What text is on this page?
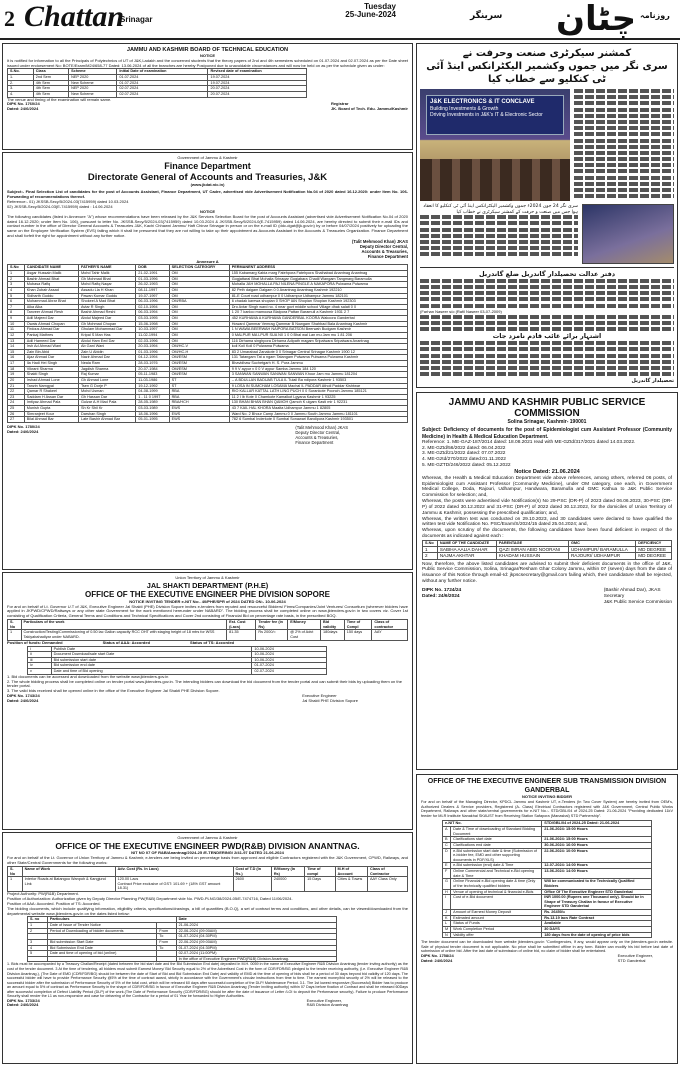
2 Chattan
Srinagar
Tuesday
25-June-2024	سرینگر چٹان روزنامہ
JAMMU AND KASHMIR BOARD OF TECHNICAL EDUCATION
NOTICE
It is notified for information to all the Principals of Polytechnics of UT of J&K,Ladakh and the concerned students that the theory papers of 2nd and 4th semesters scheduled on 01.07.2024 and 02.07.2024 as per the Date sheet issued under endorsement No: BOTE/Exam/M24/658-77 Dated: 13.06.2024 of all the branches are hereby Postponed due to unavoidable circumstances and will now be held on as per the schedule given as under:
S.No.	Class	Scheme	Initial Date of examination	Revised date of examination
1.	2nd Sem	NEP 2020	01.07.2024	19.07.2024
2.	4th Sem	New Scheme	01.07.2024	19.07.2024
3.	4th Sem	NEP 2020	02.07.2024	20.07.2024
4.	4th Sem	New Scheme	02.07.2024	20.07.2024
The venue and timing of the examination will remain same.
DIPK No. 1760/24
Dated: 24/6/2024
Registrar
JK. Board of Tech. Edu. Jammu/Kashmir
Government of Jammu & Kashmir
Finance Department
Directorate General of Accounts and Treasuries, J&K
(www.jkdat.nic.in)
Subject:- Final Selection List of candidates for the post of Accounts Assistant, Finance Department, UT Cadre, advertised vide Advertisement Notification No.04 of 2020 dated 16.12.2020: under Item No. 106-Forwarding of recommendations thereof.
Reference:- 01) JKSSB-Secy/5/2024-03(7415959) dated 10.03.2024
02) JKSSB-Secy/5/2024-03(E-7415959) dated : 14.06.2024
NOTICE
The following candidates (listed in Annexure "A") whose recommendations have been released by the J&K Services Selection Board for the post of Accounts Assistant (advertised vide Advertisement Notification No.04 of 2020 dated 16.12.2020; under Item No. 106), pursuant to letter No. JKSSB-Secy/5/2024-03(7415959) dated 10.03.2024 & JKSSB-Secy/5/2024-0(E-7415959) dated 14.06.2024, are hereby directed to submit their e-mail IDs and contact number in the office of Director General Accounts & Treasuries J&K, Kachi Chhawni Jammu/ Haft Chinar Srinagar in person or on the e-mail ID (ddc-dgat@jk.gov.in) by or before 04/07/2024 positively for uploading the same on the Employee Verification System (EVS) failing which it shall be presumed that they are not willing to take up their appointment as Accounts Assistant in the Accounts & Treasuries Organization. Finance Department and shall forfeit the right for appointment without any further notice.
(Talit Mehmood Khan) JKAS
Deputy Director Central,
Accounts & Treasuries,
Finance Department
Annexure A
S.No	CANDIDATE NAME	FATHER'S NAME	DOB	SELECTION CATEGORY	PERMANENT ADDRESS
1	Asgar Hussain Malik	Mohd Tahir Malik	21-02-1991	OM	155 Kabamarg Kabia marg Fatehpora Fatehpora Shaihabad Anantnag Anantnag
2	Bashir Ahmad Bhat	Gh Mohmad Bhat	01-03-1996	OM	Gogjattaral Bhat Mohalla Srinagar Gogjabara Chadil Wangam Tangmarg Baramulla
3	Mubasa Rafiq	Mohd Rafiq Naqar	26-02-1993	OM	Mohalla JAH MOHALLA PAJ NILENA PINGLE A NAKAPORA Pulwama Pulwama
4	Khan Zubair Assad	Assadu Lla H Khan	08-11-1997	OM	82 Peth daigam Dalgam 0 0 Anantnag Anantnag Kashmir 192210
5	Sidharth Guddu	Pawan Kumar Guddu	19-07-1997	OM	81-E Court road udhampur 0 0 Udhampur Udhampur Jammu 182101
6	Mohammad Abrar Bhat	Shokeel A Mad Bhat	06-03-1996	OM/RBA	6 chadak karewa shopian 0 SHOP IAN Shopian Shopian Kashmir 192303
7	Alka Alka	Avtar R Singh	02-10-1994	OM	Dro Avtar Singh ward no. 4 near govt middle school Village dhak salati 0 0
8	Tanveer Ahmad Resh	Bashir Ahmad Reshi	06-03-1994	OM	1 20 7 kanloo mamoosa Bialpora Pattan Baramull a Kashmir 1931 2 7
9	Adil Majeed Dar	Abdul Majeed Dar	03-03-1995	OM	452 KURHAMA A KURHAMA GANDERBAL KOORA Wakoora Ganderbal
10	Owais Ahmad Chopan	Gh Mohmad Chopan	15-06-1998	OM	Howard Qammar Vemrag Qammar B Nowgam Shahbad Bala Anantnag Kashmir
11	Firdous Ahmad Dar	Ghulam Mohammad Dar	10-03-1997	OM	1 N WAWA BEERWAH NAIPORA BATSON Beerwah Budgam Kashmir
12	Pankaj Mathres	Kripal S Man Has	11-02-1994	OM	0 MALPUR MA LPUR SUA N0 1 0 0 Bhal wal Lan mu Jam mu 1 81 206
13	Adil Hameed Dar	Abdul Ham Eed Dar	02-03-1996	OM	116 Dirhama singhpora Dirhama Adipath magam Sripalwara Sripalwara Anantnag
14	Irsh Ad Ahmad Wani	Ab Gani Wani	20-03-1994	OM/HC-V	koil Koil Koil 0 Pulwama Pulwama
15	Zain Bin Abid	Zain U Abidin	01-03-1996	OM/HC-H	83 2 Umarabad Zanakote 0 0 Srinagar Central Srinagar Kashmir 1900 12
16	Ajaz Ahmad Dar	Nazir Ahmad Dar	04-12-1994	OM/ESM	131 Tatangam Tat a ngam Tatangam Pulwama Pulwama Pulwama Kashmir
17	Ila Hadi Hei Singh	Neala Ram	28-03-1976	OM/ESM	Bhavidhaw Suchetgarh H. S. Pura Jammu
18	Vikrant Sharma	Jagdish Sharma	20-07-1984	OM/ESM	9 9 V aypur v 0 0 V aypur Samba Jammu 184 120
19	Shakti Singh	Raj Kumar	05-11-1983	OM/ESM	3 SANWAN SANWAN SANWAN SANWAN Khour Jam mu Jammu 181204
20	Irshad Ahmad Lone	Gh Ahmad Lone	11-03-1986	ST	-- A BDULLAN BADUAB TULA IL Tulail Ba ndipora Kashmir 1 93503
21	Tanzin Namgyal	Tsen G Dorje P	19-12-1992	ST	9 LOSA IN SUMCHAM LOSAMA Machal IL PADDAR Atholi Paddar Kishtwar
22	Qamar R Shakeel	Mohd Usman	04-08-1999	RBA	RIO KALLAR KATTAL LATH LING PUCH 0 0 Surankote Poonch Jammu 185121
23	Saddam H Assan Dar	Gh Hassan Dar	1 - 11 0 1997	RBA	11 2 I lb Kote 0 Chamkote Kamalkot Lgyana Kashmir 1 93225
24	Imtiyaz Ahmad Pala	Gulzar A.H Mad Pala	28-05-1989	RBA/HCH	130 BHAN BHAN BHAN QAMOH Qamoh K ulgam Kasti mir 1 92231
25	Munish Gupta	Sh Kr Shil Kr	03-03-1989	EWS	43 7 KAIL HAL KHORA Maalta Udhampur Jammu 1 82805
26	Simranjeet Kour	Darshan Singh	18-06-1996	EWS	Ward No. 2 Bhour Camp Jammu 0 0 Jammu South Jammu Jammu 181101
27	Bilal Ahmad Bar	Late Bashir Ahmad Bar	05-01-1995	EWS	782 6 Sumbal Inderkote 0 Sumbal Sonawari Bandipora Kashmir 193501
DIPK No. 1780/24
Dated: 24/6/2024
(Talit Mehmood Khan) JKAS
Deputy Director Central,
Accounts & Treasuries,
Finance Department
Union Territory of Jammu & Kashmir
JAL SHAKTI DEPARTMENT (P.H.E)
OFFICE OF THE EXECUTIVE ENGINEER PHE DIVISION SOPORE
NOTICE INVITING TENDER e-NIT No:- 40/PHE/SPR of 2024 DATED ON:- 10-06-2024
For and on behalf of Lt. Governor U.T of J&K, Executive Engineer Jal Shakti (PHE) Division Sopore invites e-tenders from reputed and resourceful Bidders/ Firms/Companies/Joint Ventures/ Consortium (wherever bidders have applied in JKPWD/CPWD/Railways or any other state Government for the work mentioned hereunder under NABARD". The bidding process shall be completed online on www.jktenders.gov.in in two covers viz. Cover 1st consisting of Qualification Criteria, General Terms and Conditions and Technical Specifications and Cover 2nd consisting of Financial Bid on percentage rate basis, in the prescribed BOQ.
S. No	Particulars of the work	Est. Cost (Lacs)	Tender fee (in Rs)	E/Money	Bid validity	Time of Compl	Class of contractor
1	Construction/Testing/Commissioning of 0.50 lac Gallon capacity RCC OHT with staging height of 18 mtrs for WSS Takiyabahadiyar under NABARD.	81.35	Rs 2000/=	@ 2% of Advt Cost	180days	150 days	AAY
Position of funds: Demanded	Status of AAA: Accorded	Status of TS: Accorded
i	Publish Date	10-06-2024
ii	Document Download/sale start Date	10-06-2024
iii	Bid submission start date	10-06-2024
iv	Bid submission end date	01-07-2024
v	Date and time of Bid opening	02-07-2024
1. Bid documents can be accessed and downloaded from the website www.jktenders.gov.in
2. The whole bidding process shall be completed online on tender portal www.jktenders.gov.in. The intending bidders can download the bid document from the tender portal and can submit their bids by uploading them on the tender portal.
3. The valid bids received shall be opened online in the office of the Executive Engineer Jal Shakti PHE Division Sopore.
DIPK No. 1743/24
Dated: 24/6/2024
Executive Engineer
Jal Shakti PHE Division Sopore
Government of Jammu & Kashmir
OFFICE OF THE EXECUTIVE ENGINEER PWD(R&B) DIVISION ANANTNAG.
NIT NO 07 OF R&B/Anantnag/2024-25 /E-TENDERING/ 2/41-97 DATED 21-06-2024
For and on behalf of the Lt. Governor of Union Territory of Jammu & Kashmir, e-tenders are being invited on percentage basis from approved and eligible Contractors registered with the J&K Government, CPWD, Railways, and other State/Central Governments for the following works:
S. No	Name of Work	Adv. Cost (Rs. In Lacs)	Cost of T.D (In Rs.)	E/Money (In Rs)	Time of compl	M.H of Account	Class of Contractor
1	Interior Roads at Batangoo Wanpoh & Kangjund Link	120.00 Lacs
Contract Price exclusive of GST: 101.69 + (18% GST amount 18.31)	2600	240000	15 Days	Cities & Towns	AAY Class Only
Project Authority: PW(R&B) Department.
Position of Authorization: Authorization given by Deputy Director Planning PW(R&B) Department vide No. PWD-PLNG/38/2024-05/E-7474716, Dated 11/06/2024.
Position of AAA: Accorded. Position of TS: Accorded.
The bidding documents, which include qualifying information, eligibility criteria, specifications/drawings, a bill of quantities (B.O.Q), a set of contract terms and conditions, and other details, can be viewed/downloaded from the departmental website www.jktenders.gov.in on the dates listed below:
S. no	Particulars		Date
1	Date of Issue of Tender Notice		21-06-2024
2	Period of Downloading of bidder documents	From	22-06-2024 (09:00AM)
		To	01-07-2024 (04:30PM)
3	Bid submission Start Date	From	22-06-2024 (09:00AM)
4	Bid Submission End Date	To	01-07-2024 (04:30PM)
5	Date and time of opening of bid (online)		02-07-2024 (11:00PM)
			In the office of Executive Engineer PWD(R&B) Division Anantnag.
1. Bids must be accompanied by a Treasury Challan/Receipt (dated between the bid start date and the Bid Submission End date) deposited in M.H. 0059 in the name of Executive Engineer R&B Division Anantnag (tender invitng authority) as the cost of the tender document. 3 At the time of tendering, all bidders must submit Earnest Money/ Bid Security equal to 2% of the Advertised Cost in the form of CDR/FDR/BG pledged to the tender receiving authority, (i.e. Executive Engineer R&B Division Anantnag.), (The Date of EMD (CDR/FDR/BG) should be between the date of Start of Bid and Bid Submission End Date) and validity of EMD at the time of opening of bids shall be a period of 30 days beyond bid validity of 120 days. The successful bidder will have to provide Performance Security @5% at the time of contract award, strictly in accordance with the Government's circular instructions from time to time. The earnest money/bid security of 2% will be released to the successful bidder after the submission of Performance Security of 5% of the total cost, which will be released 60 days after successful completion of the DLP/ Maintenance Period. 3.1. The 1st lowest responsive (Successful) Bidder has to produce an amount equal to 5% of contract as Performance Security in the shape of CDR/FDR/BG in favour of Executive Engineer R&B Division Anantnag (Tender inviting authority) within 07 Days before fixation of Contract and shall be released 60Days after successful completion of Defect Liability Period (DLP) of the work.(The Date of Performance Security (CDR/FDR/BG) should be after the date of issuance of Letter /LOI to deposit the Performance security). Failure to produce Performance Security shall render the L1 as non-responsive and case for debarring of the Contractor for a period of 01 Year be forwarded to Higher Authorities.
DIPK No. 1733/24
Dated: 24/6/2024
Executive Engineer,
R&B Division Anantnag
کمشنر سیکرٹری صنعت وحرفت نے
سری نگر میں جموں وکشمیر الیکٹرانکس اینڈ آئی ٹی کنکلیو سے خطاب کیا
J&K ELECTRONICS & IT CONCLAVE
Building Investments & Growth
Driving Investments in J&K's IT & Electronic Sector
سری نگر 24 جون 2024ء جموں وکشمیر الیکٹرانکس اینڈ آئی ٹی کنکلیو کا انعقاد ہوا جس میں صنعت و حرفت کے کمشنر سیکرٹری نے خطاب کیا
دفتر عدالت تحصیلدار گاندربل ضلع گاندربل
(Farhan Naseer s/o (Rafil Naseer 03-07-2009)
اشتہار برائے غائب قادم نامزد جات
تحصیلدار گاندربل
JAMMU AND KASHMIR PUBLIC SERVICE COMMISSION
Solina Srinagar, Kashmir- 190001
Subject: Deficiency of documents for the post of Epidemiologist cum Assistant Professor (Community Medicine) in Health & Medical Education Department.
Reference: 1. ME-GAZ-187/2014 dated: 18.08.2021 read with ME-GZtd/317/2021 dated 14.03.2022.
2. ME-GZtd/56/2022 dated: 06.04.2022
3. ME-GZtd/21/2022 dated: 07.07.2022
4. ME-Gztd/270/2022 dated:01.11.2022
5. ME-GZTD/246/2022 dated: 05.12.2022
Notice Dated: 21.06.2024
Whereas, the Health & Medical Education Department vide above references, among others, referred 06 posts, of Epidemiologist cum Assistant Professor (Community Medicine), under OM category, one each, in Government Medical College, Doda, Rajouri, Udhampur, Handwara, Baramulla and GMC Kathua to J&K Public Service Commission for selection; and,
Whereas, the posts were advertised vide Notification(s) No 29-PSC (DR-P) of 2023 dated 06.06.2023, 30-PSC (DR-P) of 2022 dated 30.12.2022 and 31-PSC (DR-P) of 2022 dated 30.12.2022, for the domiciles of Union Territory of Jammu & Kashmir, possessing the prescribed qualification; and,
Whereas, the written test was conducted on 29.10.2023, and 30 candidates were declared to have qualified the written test vide Notification No. PSC/Exam/S/2024/15 dated 25.04.2024; and,
Whereas, upon scrutiny of the documents, the following candidates have been found deficient in respect of the documents as indicated against each :
S.No	NAME OF THE CANDIDATE	PARENTAGE	GMC	DEFICIENCY
1	SABIHA AALIA DAHAR	QAZI IMRAN ABID NOORANI	UDHAMPUR/ BARAMULLA	MD DEGREE
2	NAJMA AKHTAR	KHADAM HUSSAIN	RAJOURI/ UDHAMPUR	MD DEGREE
Now, therefore, the above listed candidates are advised to submit their deficient documents in the office of J&K, Public Service Commission, Solina, Srinagar/Resham Ghar Colony Jammu, within 07 (seven) days from the date of issuance of this Notice through email-Id: jkpscsecretary@gmail.com failing which, their candidature shall be rejected, without any further notice.
DIPK No. 1724/24
Dated: 24/6/2024
(Bashir Ahmad Dar), JKAS
Secretary
J&K Public Service Commission
OFFICE OF THE EXECUTIVE ENGINEER SUB TRANSMISSION DIVISION GANDERBAL
NOTICE INVITING BIDDER
For and on behalf of the Managing Director, KPDCL Jammu and Kashmir UT, e-Tenders (In Two Cover System) are hereby invited from OEM's, Authorized Dealers & Service providers, Registered (A- Class) Electrical Contractors registered with J&K Government, Central Public Works Department, Railways and other state/central governments for e-NIT No.:- STD/GBL/04 of 2024-25 Dated: 21-06-2024 "Providing dedicated 11kV feeder for MLR Institute Nanakhal SKAUST from Receiving Station Safapora (Manasbal) STD Partnership".
e-NIT No.		STD/GBL/04 of 2024-25 Dated: 21-06-2024
A	Date & Time of downloading of Standard Bidding Document	21-06-2024: 15:00 Hours
B	Clarifications start date	21-06-2024: 15:00 Hours
C	Clarifications end date	30-06-2024: 16:00 Hours
D	e-Bid submission start date & time (Submission of e-bidder fee, EMD and other supporting documents in PDF/XLS)	22-06-2024: 10:00 Hours
E	e-Bid submission (end) date & Time	12-07-2024: 14:00 Hours
F	Online Commercial and Technical e-Bid opening date & Time	13-06-2024: 14:00 Hours
G	Online Financial e-Bid opening date & time (Only of the technically qualified bidders	Will be communicated to the Technically Qualified Bidders
H	Venue of opening of technical & financial e-Bids	Office Of The Executive Engineer STD Ganderbal
I	Cost of e-Bid document	INR 1000.00 (Rupees one Thousand only). Should be in Shape of Treasury Challan in favour of Executive Engineer STD Ganderbal
J	Amount of Earnest Money Deposit	Rs. 26450/=
K	Estimated amount	Rs.13.19 lacs Rate Contract
L	Status of Funds	Available
M	Work Completion Period	30 DAYS
N	Validity offer	180 days from the date of opening of price bids
The tender document can be downloaded from website jktenders.gov.in "Contingencies, If any, would appear only on the jktenders.gov.in website. Sale of physical tender document is not applicable. No price shall be submitted offline in any form. Bidder can modify his bid before last date of submission of online bid. After the last date of submission of online bid, no claim of bidder shall be entertained.
DIPK No. 1758/24
Dated: 24/6/2024
Executive Engineer,
STD Ganderbal
